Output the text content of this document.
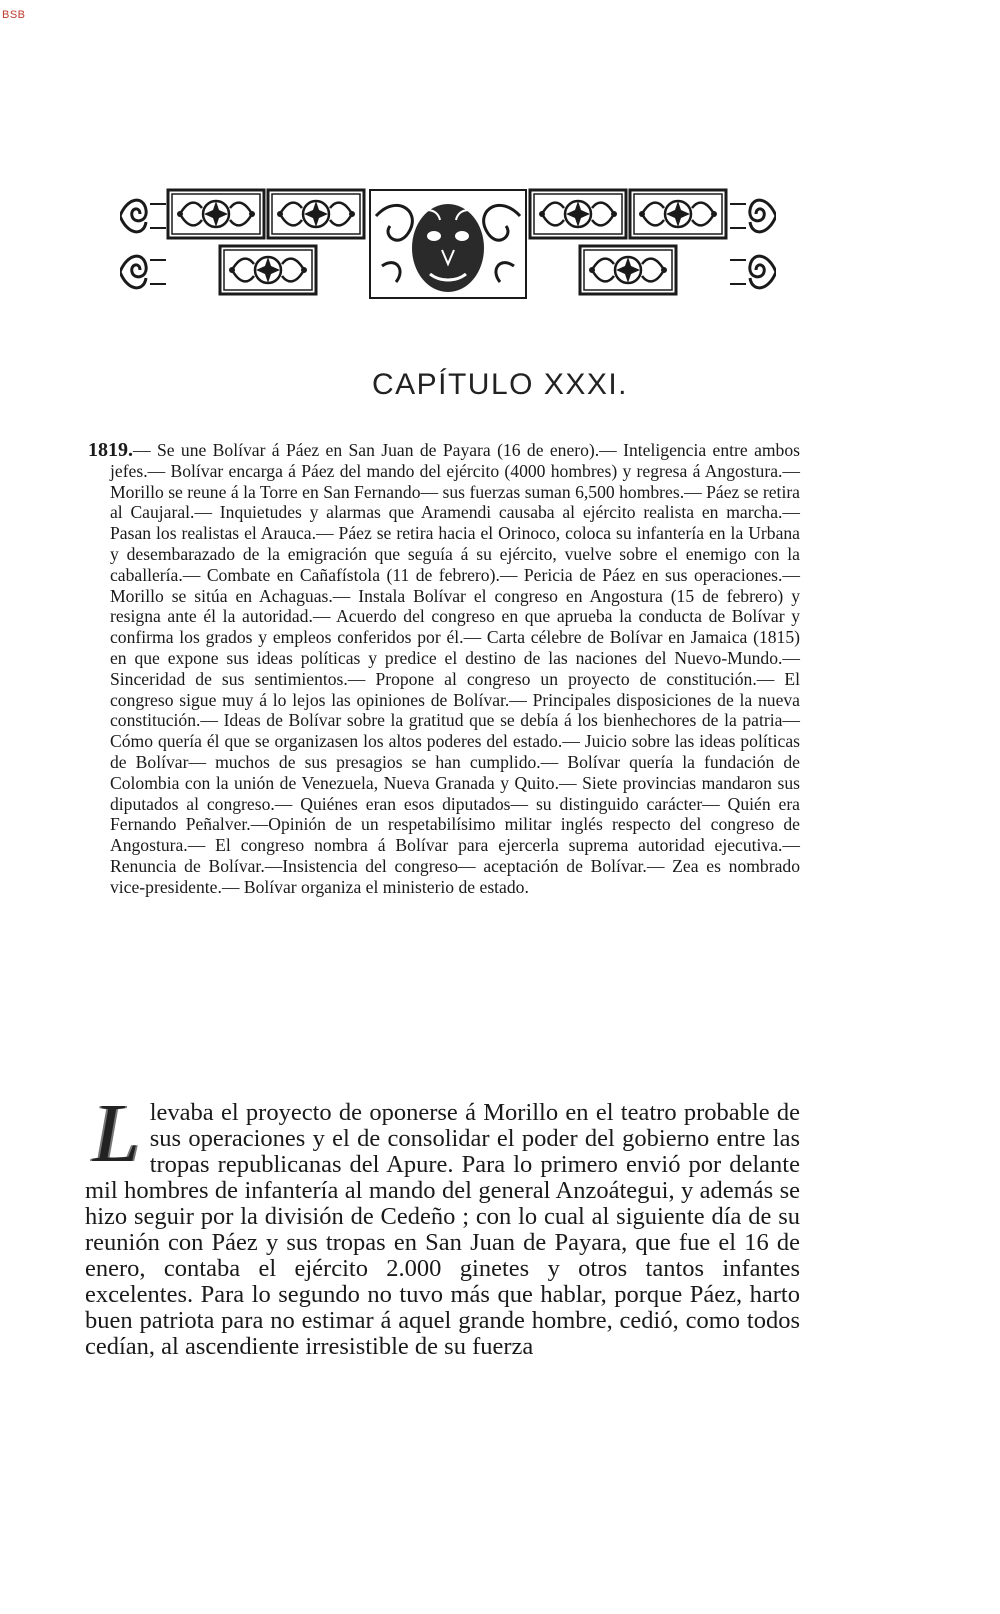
BSB
CAPÍTULO XXXI.
1819.— Se une Bolívar á Páez en San Juan de Payara (16 de enero).— Inteligencia entre ambos jefes.— Bolívar encarga á Páez del mando del ejército (4000 hombres) y regresa á Angostura.— Morillo se reune á la Torre en San Fernando— sus fuerzas suman 6,500 hombres.— Páez se retira al Caujaral.— Inquietudes y alarmas que Aramendi causaba al ejército realista en marcha.— Pasan los realistas el Arauca.— Páez se retira hacia el Orinoco, coloca su infantería en la Urbana y desembarazado de la emigración que seguía á su ejército, vuelve sobre el enemigo con la caballería.— Combate en Cañafístola (11 de febrero).— Pericia de Páez en sus operaciones.— Morillo se sitúa en Achaguas.— Instala Bolívar el congreso en Angostura (15 de febrero) y resigna ante él la autoridad.— Acuerdo del congreso en que aprueba la conducta de Bolívar y confirma los grados y empleos conferidos por él.— Carta célebre de Bolívar en Jamaica (1815) en que expone sus ideas políticas y predice el destino de las naciones del Nuevo-Mundo.— Sinceridad de sus sentimientos.— Propone al congreso un proyecto de constitución.— El congreso sigue muy á lo lejos las opiniones de Bolívar.— Principales disposiciones de la nueva constitución.— Ideas de Bolívar sobre la gratitud que se debía á los bienhechores de la patria— Cómo quería él que se organizasen los altos poderes del estado.— Juicio sobre las ideas políticas de Bolívar— muchos de sus presagios se han cumplido.— Bolívar quería la fundación de Colombia con la unión de Venezuela, Nueva Granada y Quito.— Siete provincias mandaron sus diputados al congreso.— Quiénes eran esos diputados— su distinguido carácter— Quién era Fernando Peñalver.—Opinión de un respetabilísimo militar inglés respecto del congreso de Angostura.— El congreso nombra á Bolívar para ejercerla suprema autoridad ejecutiva.—Renuncia de Bolívar.—Insistencia del congreso— aceptación de Bolívar.— Zea es nombrado vice-presidente.— Bolívar organiza el ministerio de estado.
Llevaba el proyecto de oponerse á Morillo en el teatro probable de sus operaciones y el de consolidar el poder del gobierno entre las tropas republicanas del Apure. Para lo primero envió por delante mil hombres de infantería al mando del general Anzoátegui, y además se hizo seguir por la división de Cedeño ; con lo cual al siguiente día de su reunión con Páez y sus tropas en San Juan de Payara, que fue el 16 de enero, contaba el ejército 2.000 ginetes y otros tantos infantes excelentes. Para lo segundo no tuvo más que hablar, porque Páez, harto buen patriota para no estimar á aquel grande hombre, cedió, como todos cedían, al ascendiente irresistible de su fuerza
